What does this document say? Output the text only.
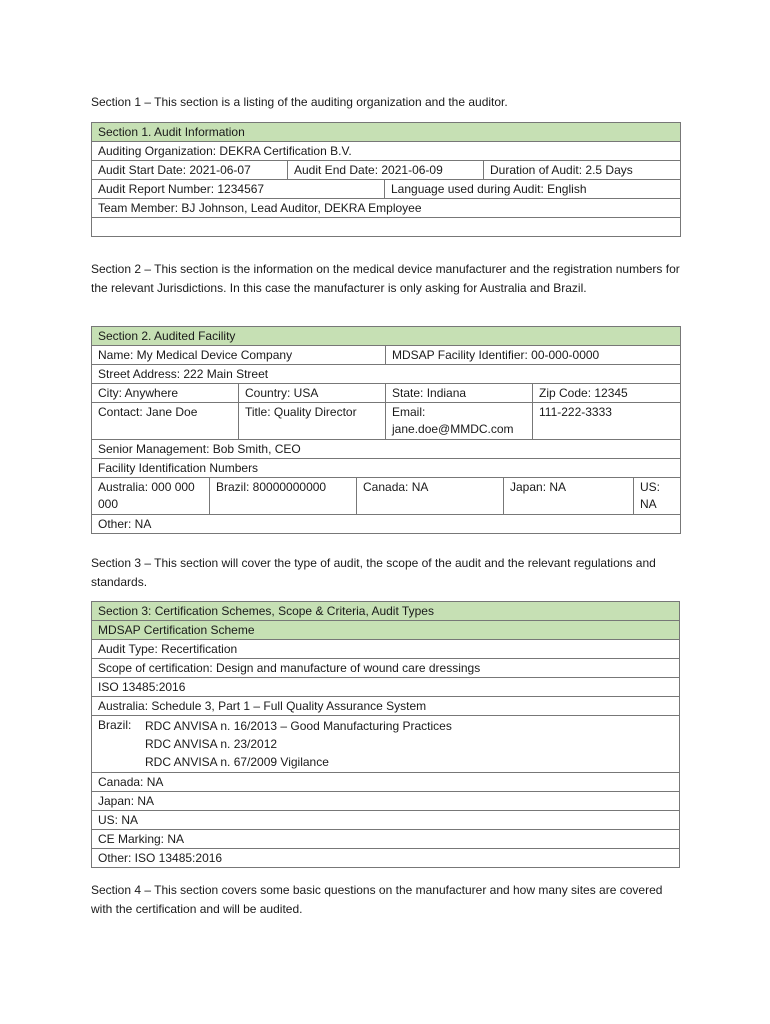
Section 1 – This section is a listing of the auditing organization and the auditor.

Section 1. Audit Information			
Auditing Organization: DEKRA Certification B.V.			
Audit Start Date: 2021-06-07	Audit End Date: 2021-06-09		Duration of Audit: 2.5 Days
Audit Report Number: 1234567		Language used during Audit: English	
Team Member: BJ Johnson, Lead Auditor, DEKRA Employee			

Section 2 – This section is the information on the medical device manufacturer and the registration numbers for the relevant Jurisdictions. In this case the manufacturer is only asking for Australia and Brazil.

Section 2. Audited Facility						
Name: My Medical Device Company				MDSAP Facility Identifier: 00-000-0000		
Street Address: 222 Main Street						
City: Anywhere		Country: USA		State: Indiana		Zip Code: 12345
Contact: Jane Doe		Title: Quality Director		Email: jane.doe@MMDC.com		111-222-3333
Senior Management: Bob Smith, CEO						
Facility Identification Numbers						
Australia: 000 000 000	Brazil: 80000000000		Canada: NA		Japan: NA US: NA	

Other: NA						

Section 3 – This section will cover the type of audit, the scope of the audit and the relevant regulations and standards.

Section 3: Certification Schemes, Scope & Criteria, Audit Types
MDSAP Certification Scheme
Audit Type: Recertification
Scope of certification: Design and manufacture of wound care dressings
ISO 13485:2016
Australia: Schedule 3, Part 1 – Full Quality Assurance System

Brazil:	RDC ANVISA n. 16/2013 – Good Manufacturing Practices
RDC ANVISA n. 23/2012
RDC ANVISA n. 67/2009 Vigilance

Canada: NA
Japan: NA
US: NA
CE Marking: NA
Other: ISO 13485:2016

Section 4 – This section covers some basic questions on the manufacturer and how many sites are covered with the certification and will be audited.
